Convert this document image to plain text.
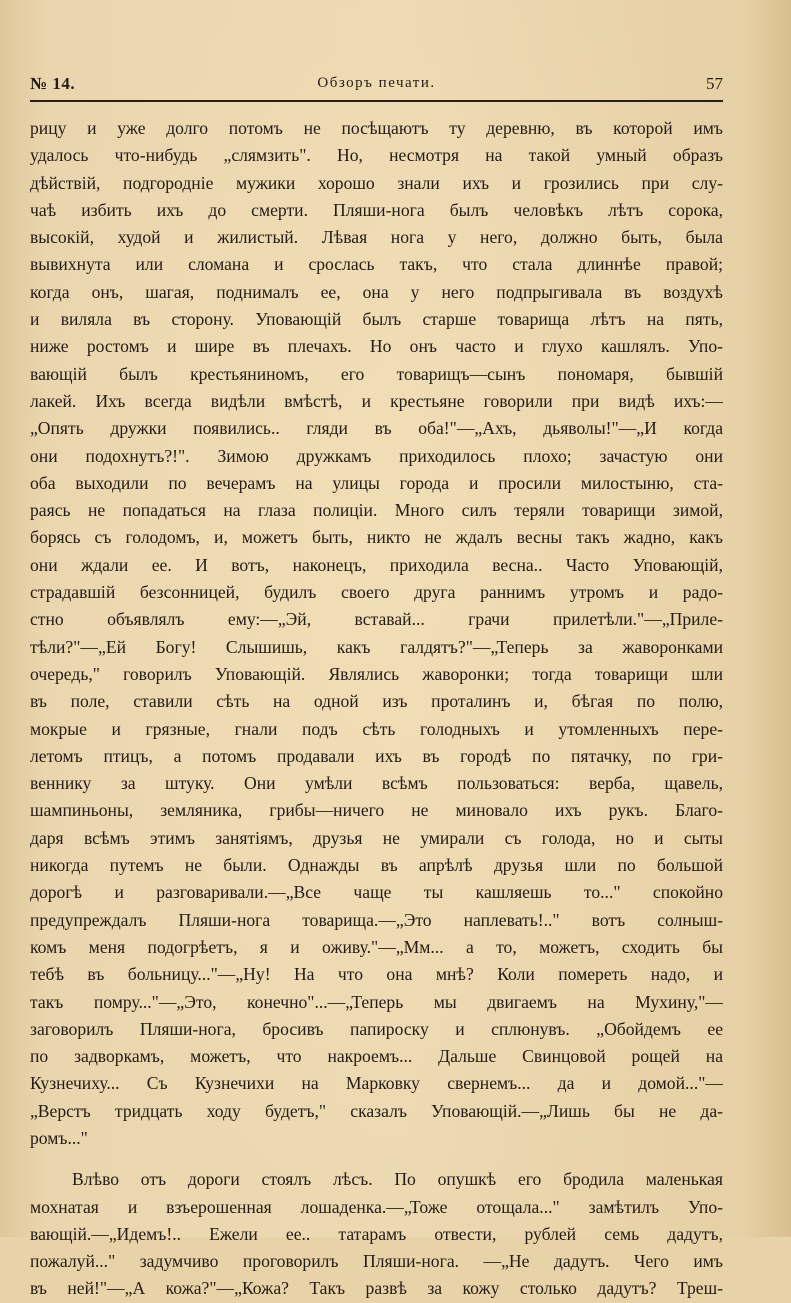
№ 14.	Обзоръ печати.	57
рицу и уже долго потомъ не посѣщаютъ ту деревню, въ которой имъ
удалось что-нибудь „слямзить". Но, несмотря на такой умный образъ
дѣйствій, подгородніе мужики хорошо знали ихъ и грозились при слу-
чаѣ избить ихъ до смерти. Пляши-нога былъ человѣкъ лѣтъ сорока,
высокій, худой и жилистый. Лѣвая нога у него, должно быть, была
вывихнута или сломана и срослась такъ, что стала длиннѣе правой;
когда онъ, шагая, поднималъ ее, она у него подпрыгивала въ воздухѣ
и виляла въ сторону. Уповающій былъ старше товарища лѣтъ на пять,
ниже ростомъ и шире въ плечахъ. Но онъ часто и глухо кашлялъ. Упо-
вающій былъ крестьяниномъ, его товарищъ—сынъ пономаря, бывшій
лакей. Ихъ всегда видѣли вмѣстѣ, и крестьяне говорили при видѣ ихъ:—
„Опять дружки появились.. гляди въ оба!"—„Ахъ, дьяволы!"—„И когда
они подохнутъ?!". Зимою дружкамъ приходилось плохо; зачастую они
оба выходили по вечерамъ на улицы города и просили милостыню, ста-
раясь не попадаться на глаза полиціи. Много силъ теряли товарищи зимой,
борясь съ голодомъ, и, можетъ быть, никто не ждалъ весны такъ жадно, какъ
они ждали ее. И вотъ, наконецъ, приходила весна.. Часто Уповающій,
страдавшій безсонницей, будилъ своего друга раннимъ утромъ и радо-
стно объявлялъ ему:—„Эй, вставай... грачи прилетѣли."—„Приле-
тѣли?"—„Ей Богу! Слышишь, какъ галдятъ?"—„Теперь за жаворонками
очередь," говорилъ Уповающій. Являлись жаворонки; тогда товарищи шли
въ поле, ставили сѣть на одной изъ проталинъ и, бѣгая по полю,
мокрые и грязные, гнали подъ сѣть голодныхъ и утомленныхъ пере-
летомъ птицъ, а потомъ продавали ихъ въ городѣ по пятачку, по гри-
веннику за штуку. Они умѣли всѣмъ пользоваться: верба, щавель,
шампиньоны, земляника, грибы—ничего не миновало ихъ рукъ. Благо-
даря всѣмъ этимъ занятіямъ, друзья не умирали съ голода, но и сыты
никогда путемъ не были. Однажды въ апрѣлѣ друзья шли по большой
дорогѣ и разговаривали.—„Все чаще ты кашляешь то..." спокойно
предупреждалъ Пляши-нога товарища.—„Это наплевать!.." вотъ солныш-
комъ меня подогрѣетъ, я и оживу."—„Мм... а то, можетъ, сходить бы
тебѣ въ больницу..."—„Ну! На что она мнѣ? Коли помереть надо, и
такъ помру..."—„Это, конечно"...—„Теперь мы двигаемъ на Мухину,"—
заговорилъ Пляши-нога, бросивъ папироску и сплюнувъ. „Обойдемъ ее
по задворкамъ, можетъ, что накроемъ... Дальше Свинцовой рощей на
Кузнечиху... Съ Кузнечихи на Марковку свернемъ... да и домой..."—
„Верстъ тридцать ходу будетъ," сказалъ Уповающій.—„Лишь бы не да-
ромъ..."
Влѣво отъ дороги стоялъ лѣсъ. По опушкѣ его бродила маленькая
мохнатая и взъерошенная лошаденка.—„Тоже отощала..." замѣтилъ Упо-
вающій.—„Идемъ!.. Ежели ее.. татарамъ отвести, рублей семь дадутъ,
пожалуй..." задумчиво проговорилъ Пляши-нога. —„Не дадутъ. Чего имъ
въ ней!"—„А кожа?"—„Кожа? Такъ развѣ за кожу столько дадутъ? Треш-
